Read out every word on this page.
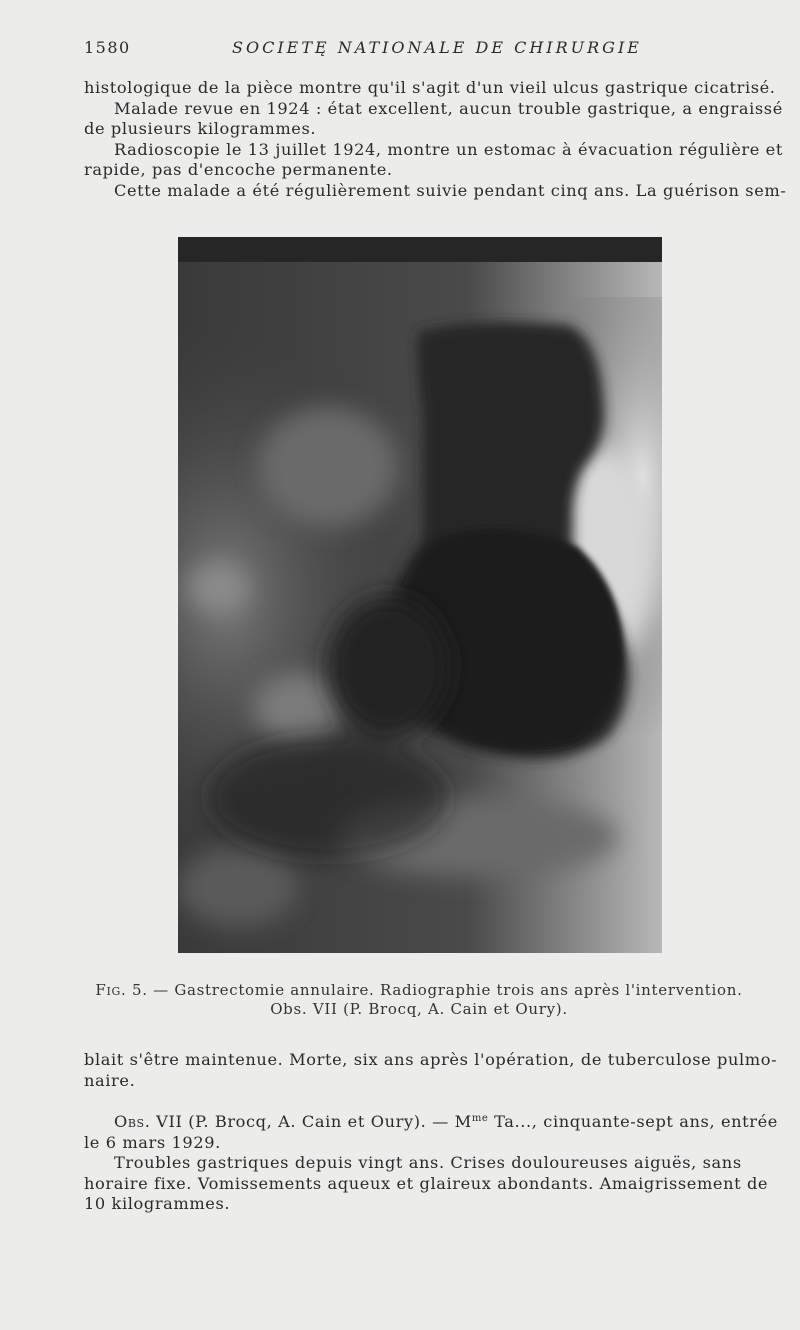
1580	SOCIETĘ NATIONALE DE CHIRURGIE

histologique de la pièce montre qu'il s'agit d'un vieil ulcus gastrique cicatrisé.
Malade revue en 1924 : état excellent, aucun trouble gastrique, a engraissé
de plusieurs kilogrammes.
Radioscopie le 13 juillet 1924, montre un estomac à évacuation régulière et
rapide, pas d'encoche permanente.
Cette malade a été régulièrement suivie pendant cinq ans. La guérison sem-

Fig. 5. — Gastrectomie annulaire. Radiographie trois ans après l'intervention.
Obs. VII (P. Brocq, A. Cain et Oury).

blait s'être maintenue. Morte, six ans après l'opération, de tuberculose pulmo-
naire.

Obs. VII (P. Brocq, A. Cain et Oury). — $M^{me}$ Ta..., cinquante-sept ans, entrée
le 6 mars 1929.
Troubles gastriques depuis vingt ans. Crises douloureuses aiguës, sans
horaire fixe. Vomissements aqueux et glaireux abondants. Amaigrissement de
10 kilogrammes.
